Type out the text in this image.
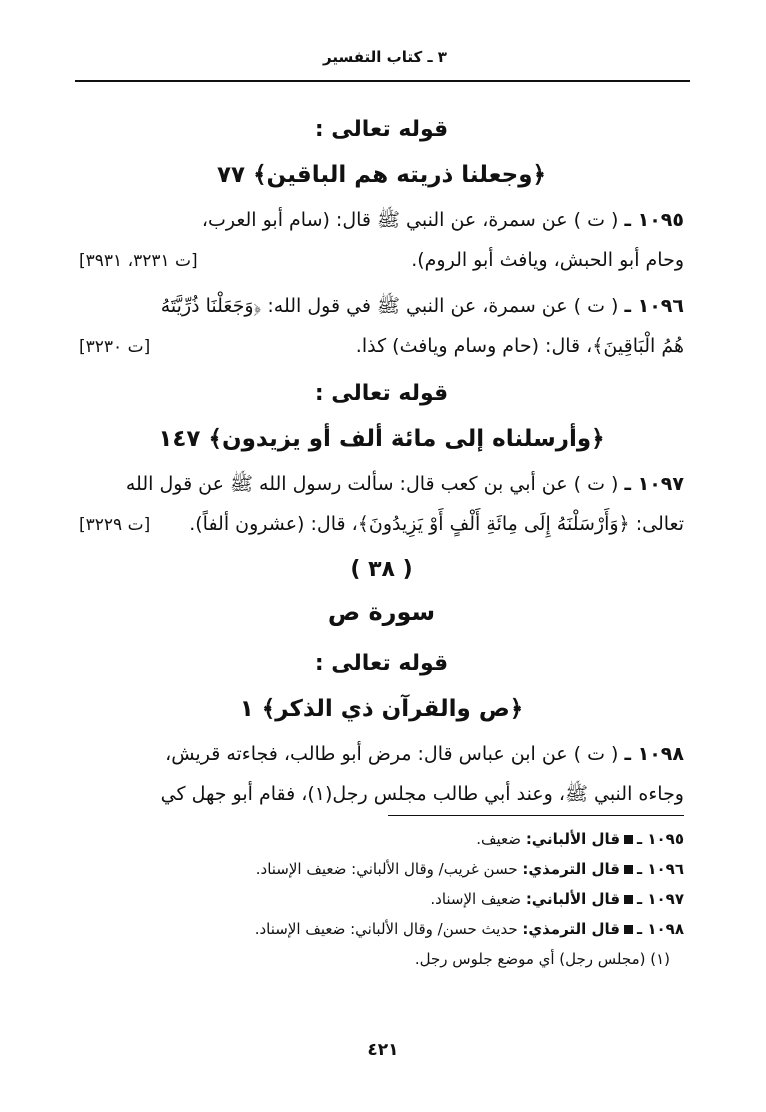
٣ ـ كتاب التفسير
قوله تعالى :
﴿وجعلنا ذريته هم الباقين﴾ ٧٧
١٠٩٥ ـ ( ت ) عن سمرة، عن النبي ﷺ قال: (سام أبو العرب،
وحام أبو الحبش، ويافث أبو الروم).
[ت ٣٢٣١، ٣٩٣١]
١٠٩٦ ـ ( ت ) عن سمرة، عن النبي ﷺ في قول الله: ﴿وَجَعَلْنَا ذُرِّيَّتَهُ
هُمُ الْبَاقِينَ﴾، قال: (حام وسام ويافث) كذا.
[ت ٣٢٣٠]
قوله تعالى :
﴿وأرسلناه إلى مائة ألف أو يزيدون﴾ ١٤٧
١٠٩٧ ـ ( ت ) عن أبي بن كعب قال: سألت رسول الله ﷺ عن قول الله
تعالى: ﴿وَأَرْسَلْنَهُ إِلَى مِائَةِ أَلْفٍ أَوْ يَزِيدُونَ﴾، قال: (عشرون ألفاً).
[ت ٣٢٢٩]
( ٣٨ )
سورة ص
قوله تعالى :
﴿ص والقرآن ذي الذكر﴾ ١
١٠٩٨ ـ ( ت ) عن ابن عباس قال: مرض أبو طالب، فجاءته قريش،
وجاءه النبي ﷺ، وعند أبي طالب مجلس رجل(١)، فقام أبو جهل كي
١٠٩٥ ـقال الألباني: ضعيف.
١٠٩٦ ـقال الترمذي: حسن غريب/ وقال الألباني: ضعيف الإسناد.
١٠٩٧ ـقال الألباني: ضعيف الإسناد.
١٠٩٨ ـقال الترمذي: حديث حسن/ وقال الألباني: ضعيف الإسناد.
(١) (مجلس رجل) أي موضع جلوس رجل.
٤٢١
